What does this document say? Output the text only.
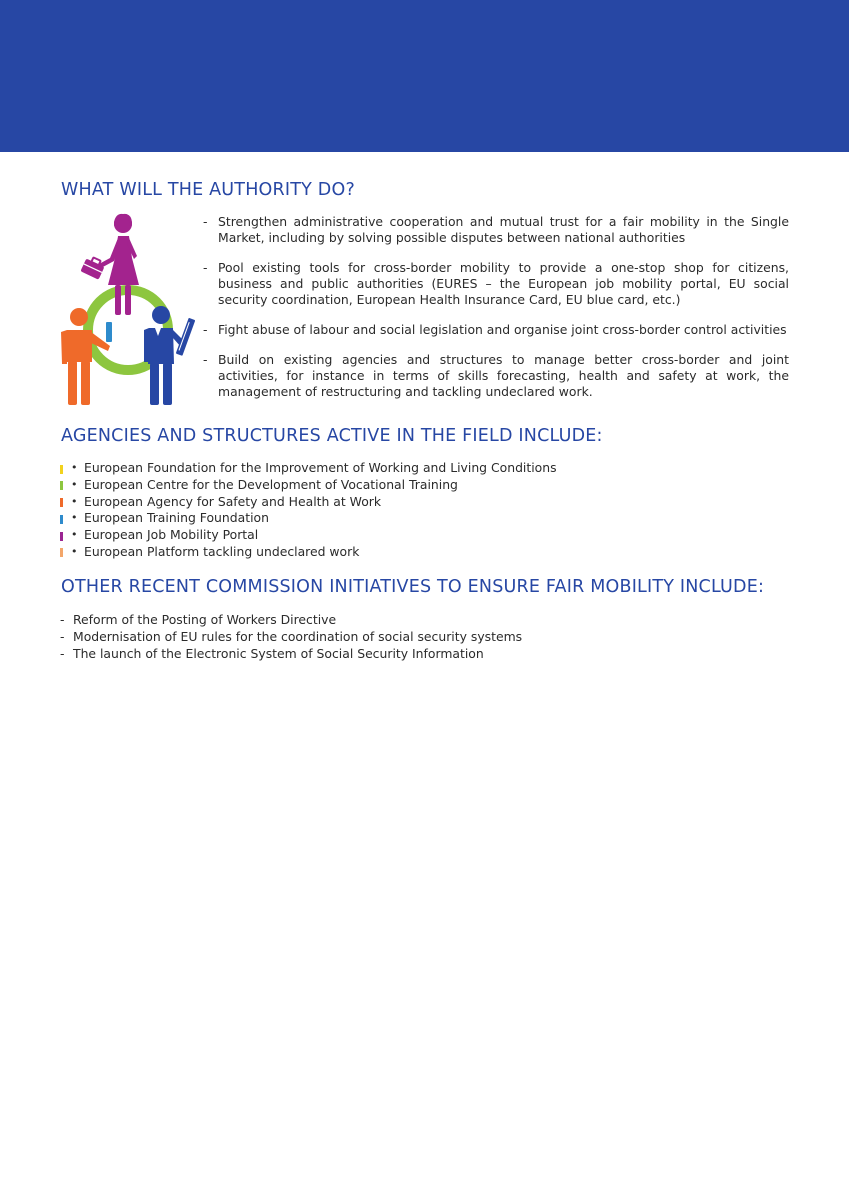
WHAT WILL THE AUTHORITY DO?
- Strengthen administrative cooperation and mutual trust for a fair mobility in the Single Market, including by solving possible disputes between national authorities
- Pool existing tools for cross-border mobility to provide a one-stop shop for citizens, business and public authorities (EURES – the European job mobility portal, EU social security coordination, European Health Insurance Card, EU blue card, etc.)
- Fight abuse of labour and social legislation and organise joint cross-border control activities
- Build on existing agencies and structures to manage better cross-border and joint activities, for instance in terms of skills forecasting, health and safety at work, the management of restructuring and tackling undeclared work.
AGENCIES AND STRUCTURES ACTIVE IN THE FIELD INCLUDE:
• European Foundation for the Improvement of Working and Living Conditions
• European Centre for the Development of Vocational Training
• European Agency for Safety and Health at Work
• European Training Foundation
• European Job Mobility Portal
• European Platform tackling undeclared work
OTHER RECENT COMMISSION INITIATIVES TO ENSURE FAIR MOBILITY INCLUDE:
- Reform of the Posting of Workers Directive
- Modernisation of EU rules for the coordination of social security systems
- The launch of the Electronic System of Social Security Information
